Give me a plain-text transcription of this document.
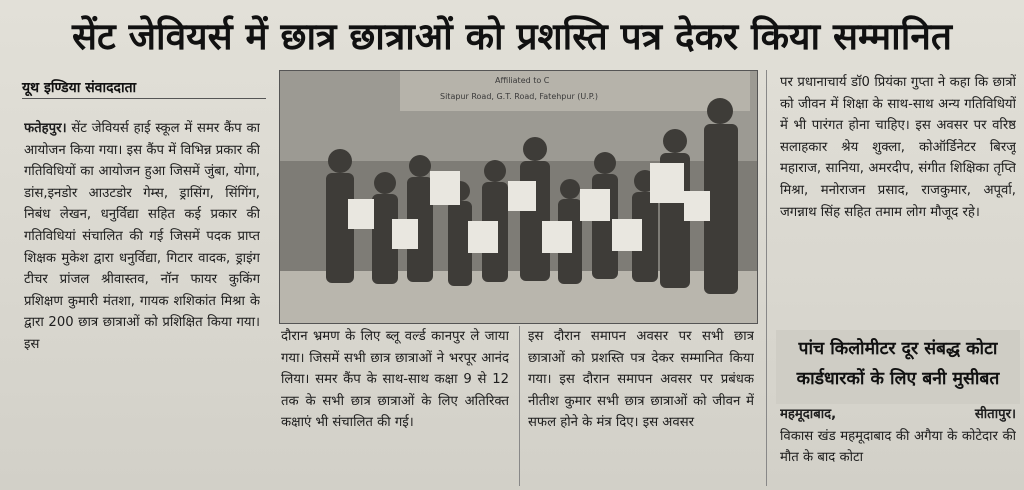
सेंट जेवियर्स में छात्र छात्राओं को प्रशस्ति पत्र देकर किया सम्मानित
यूथ इण्डिया संवाददाता
फतेहपुर। सेंट जेवियर्स हाई स्कूल में समर कैंप का आयोजन किया गया। इस कैंप में विभिन्न प्रकार की गतिविधियों का आयोजन हुआ जिसमें जुंबा, योगा, डांस,इनडोर आउटडोर गेम्स, ड्रासिंग, सिंगिंग, निबंध लेखन, धनुर्विद्या सहित कई प्रकार की गतिविधियां संचालित की गई जिसमें पदक प्राप्त शिक्षक मुकेश द्वारा धनुर्विद्या, गिटार वादक, ड्राइंग टीचर प्रांजल श्रीवास्तव, नॉन फायर कुकिंग प्रशिक्षण कुमारी मंतशा, गायक शशिकांत मिश्रा के द्वारा 200 छात्र छात्राओं को प्रशिक्षित किया गया। इस
Affiliated to C
Sitapur Road, G.T. Road, Fatehpur (U.P.)
दौरान भ्रमण के लिए ब्लू वर्ल्ड कानपुर ले जाया गया। जिसमें सभी छात्र छात्राओं ने भरपूर आनंद लिया। समर कैंप के साथ-साथ कक्षा 9 से 12 तक के सभी छात्र छात्राओं के लिए अतिरिक्त कक्षाएं भी संचालित की गई।
इस दौरान समापन अवसर पर सभी छात्र छात्राओं को प्रशस्ति पत्र देकर सम्मानित किया गया। इस दौरान समापन अवसर पर प्रबंधक नीतीश कुमार सभी छात्र छात्राओं को जीवन में सफल होने के मंत्र दिए। इस अवसर
पर प्रधानाचार्य डॉ0 प्रियंका गुप्ता ने कहा कि छात्रों को जीवन में शिक्षा के साथ-साथ अन्य गतिविधियों में भी पारंगत होना चाहिए। इस अवसर पर वरिष्ठ सलाहकार श्रेय शुक्ला, कोऑर्डिनेटर बिरजू महाराज, सानिया, अमरदीप, संगीत शिक्षिका तृप्ति मिश्रा, मनोराजन प्रसाद, राजकुमार, अपूर्वा, जगन्नाथ सिंह सहित तमाम लोग मौजूद रहे।
पांच किलोमीटर दूर संबद्ध कोटा कार्डधारकों के लिए बनी मुसीबत
महमूदाबाद,	सीतापुर।
विकास खंड महमूदाबाद की अगैया के कोटेदार की मौत के बाद कोटा
